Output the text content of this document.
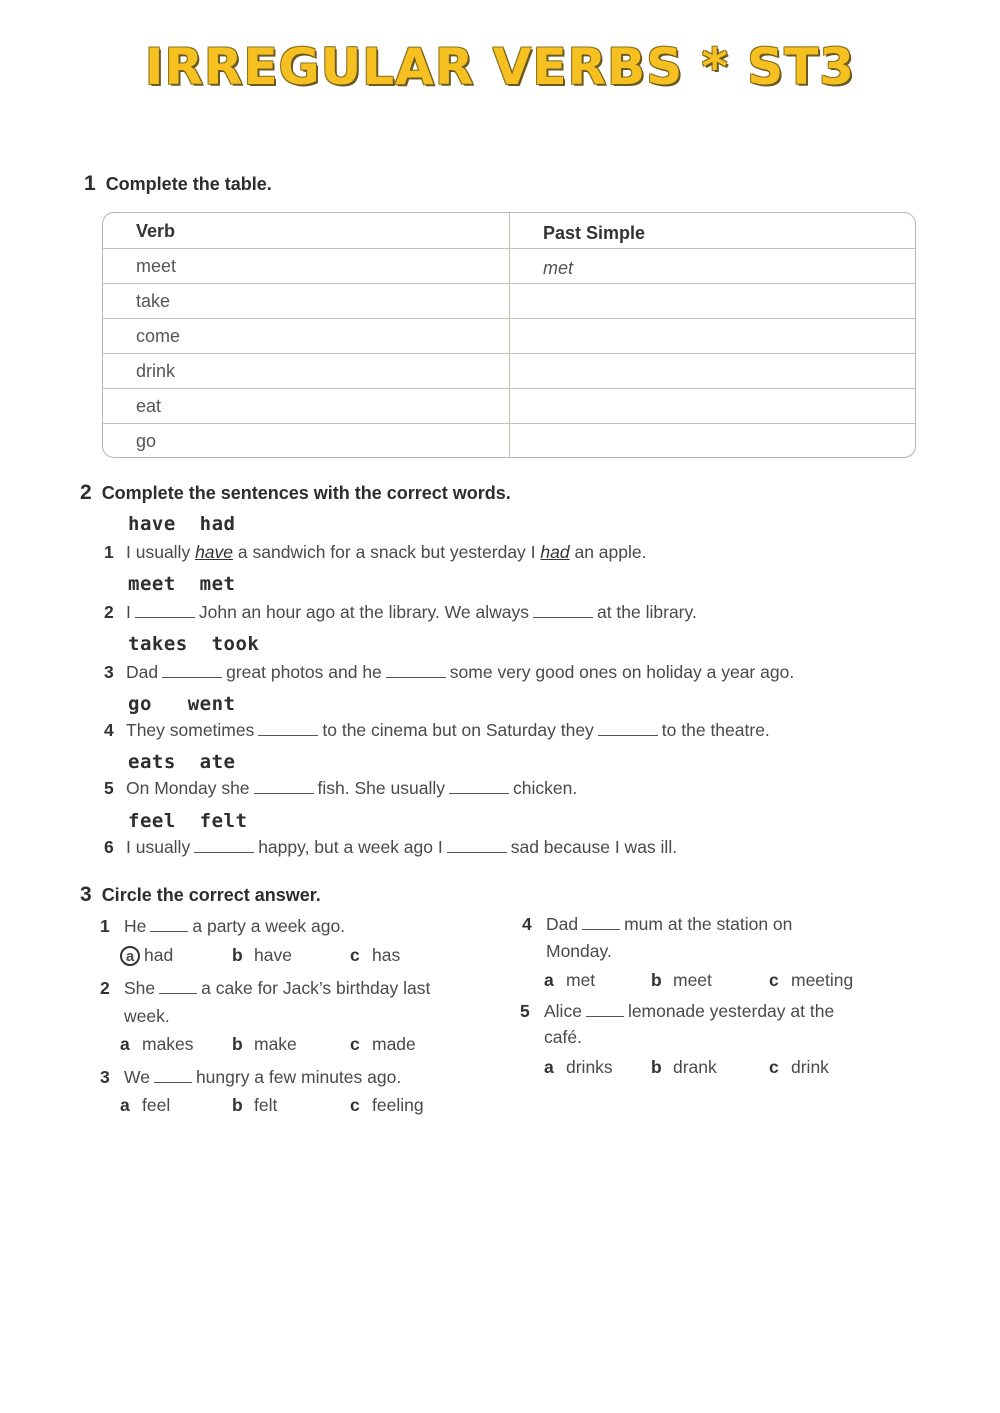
IRREGULAR VERBS * ST3
1 Complete the table.
Verb	Past Simple
meet	met
take
come
drink
eat
go
2 Complete the sentences with the correct words.
have  had
1 I usually have a sandwich for a snack but yesterday I had an apple.
meet  met
2 I	John an hour ago at the library. We always	at the library.
takes  took
3 Dad	great photos and he	some very good ones on holiday a year ago.
go   went
4 They sometimes	to the cinema but on Saturday they	to the theatre.
eats  ate
5 On Monday she	fish. She usually	chicken.
feel  felt
6 I usually	happy, but a week ago I	sad because I was ill.
3 Circle the correct answer.
1 He	a party a week ago.
a had	b have	c has
2 She	a cake for Jack’s birthday last
week.
a makes b make	c made
3 We	hungry a few minutes ago.
a feel	b felt	c feeling
4 Dad	mum at the station on
Monday.
a met	b meet	c meeting
5 Alice	lemonade yesterday at the
café.
a drinks b drank	c drink
